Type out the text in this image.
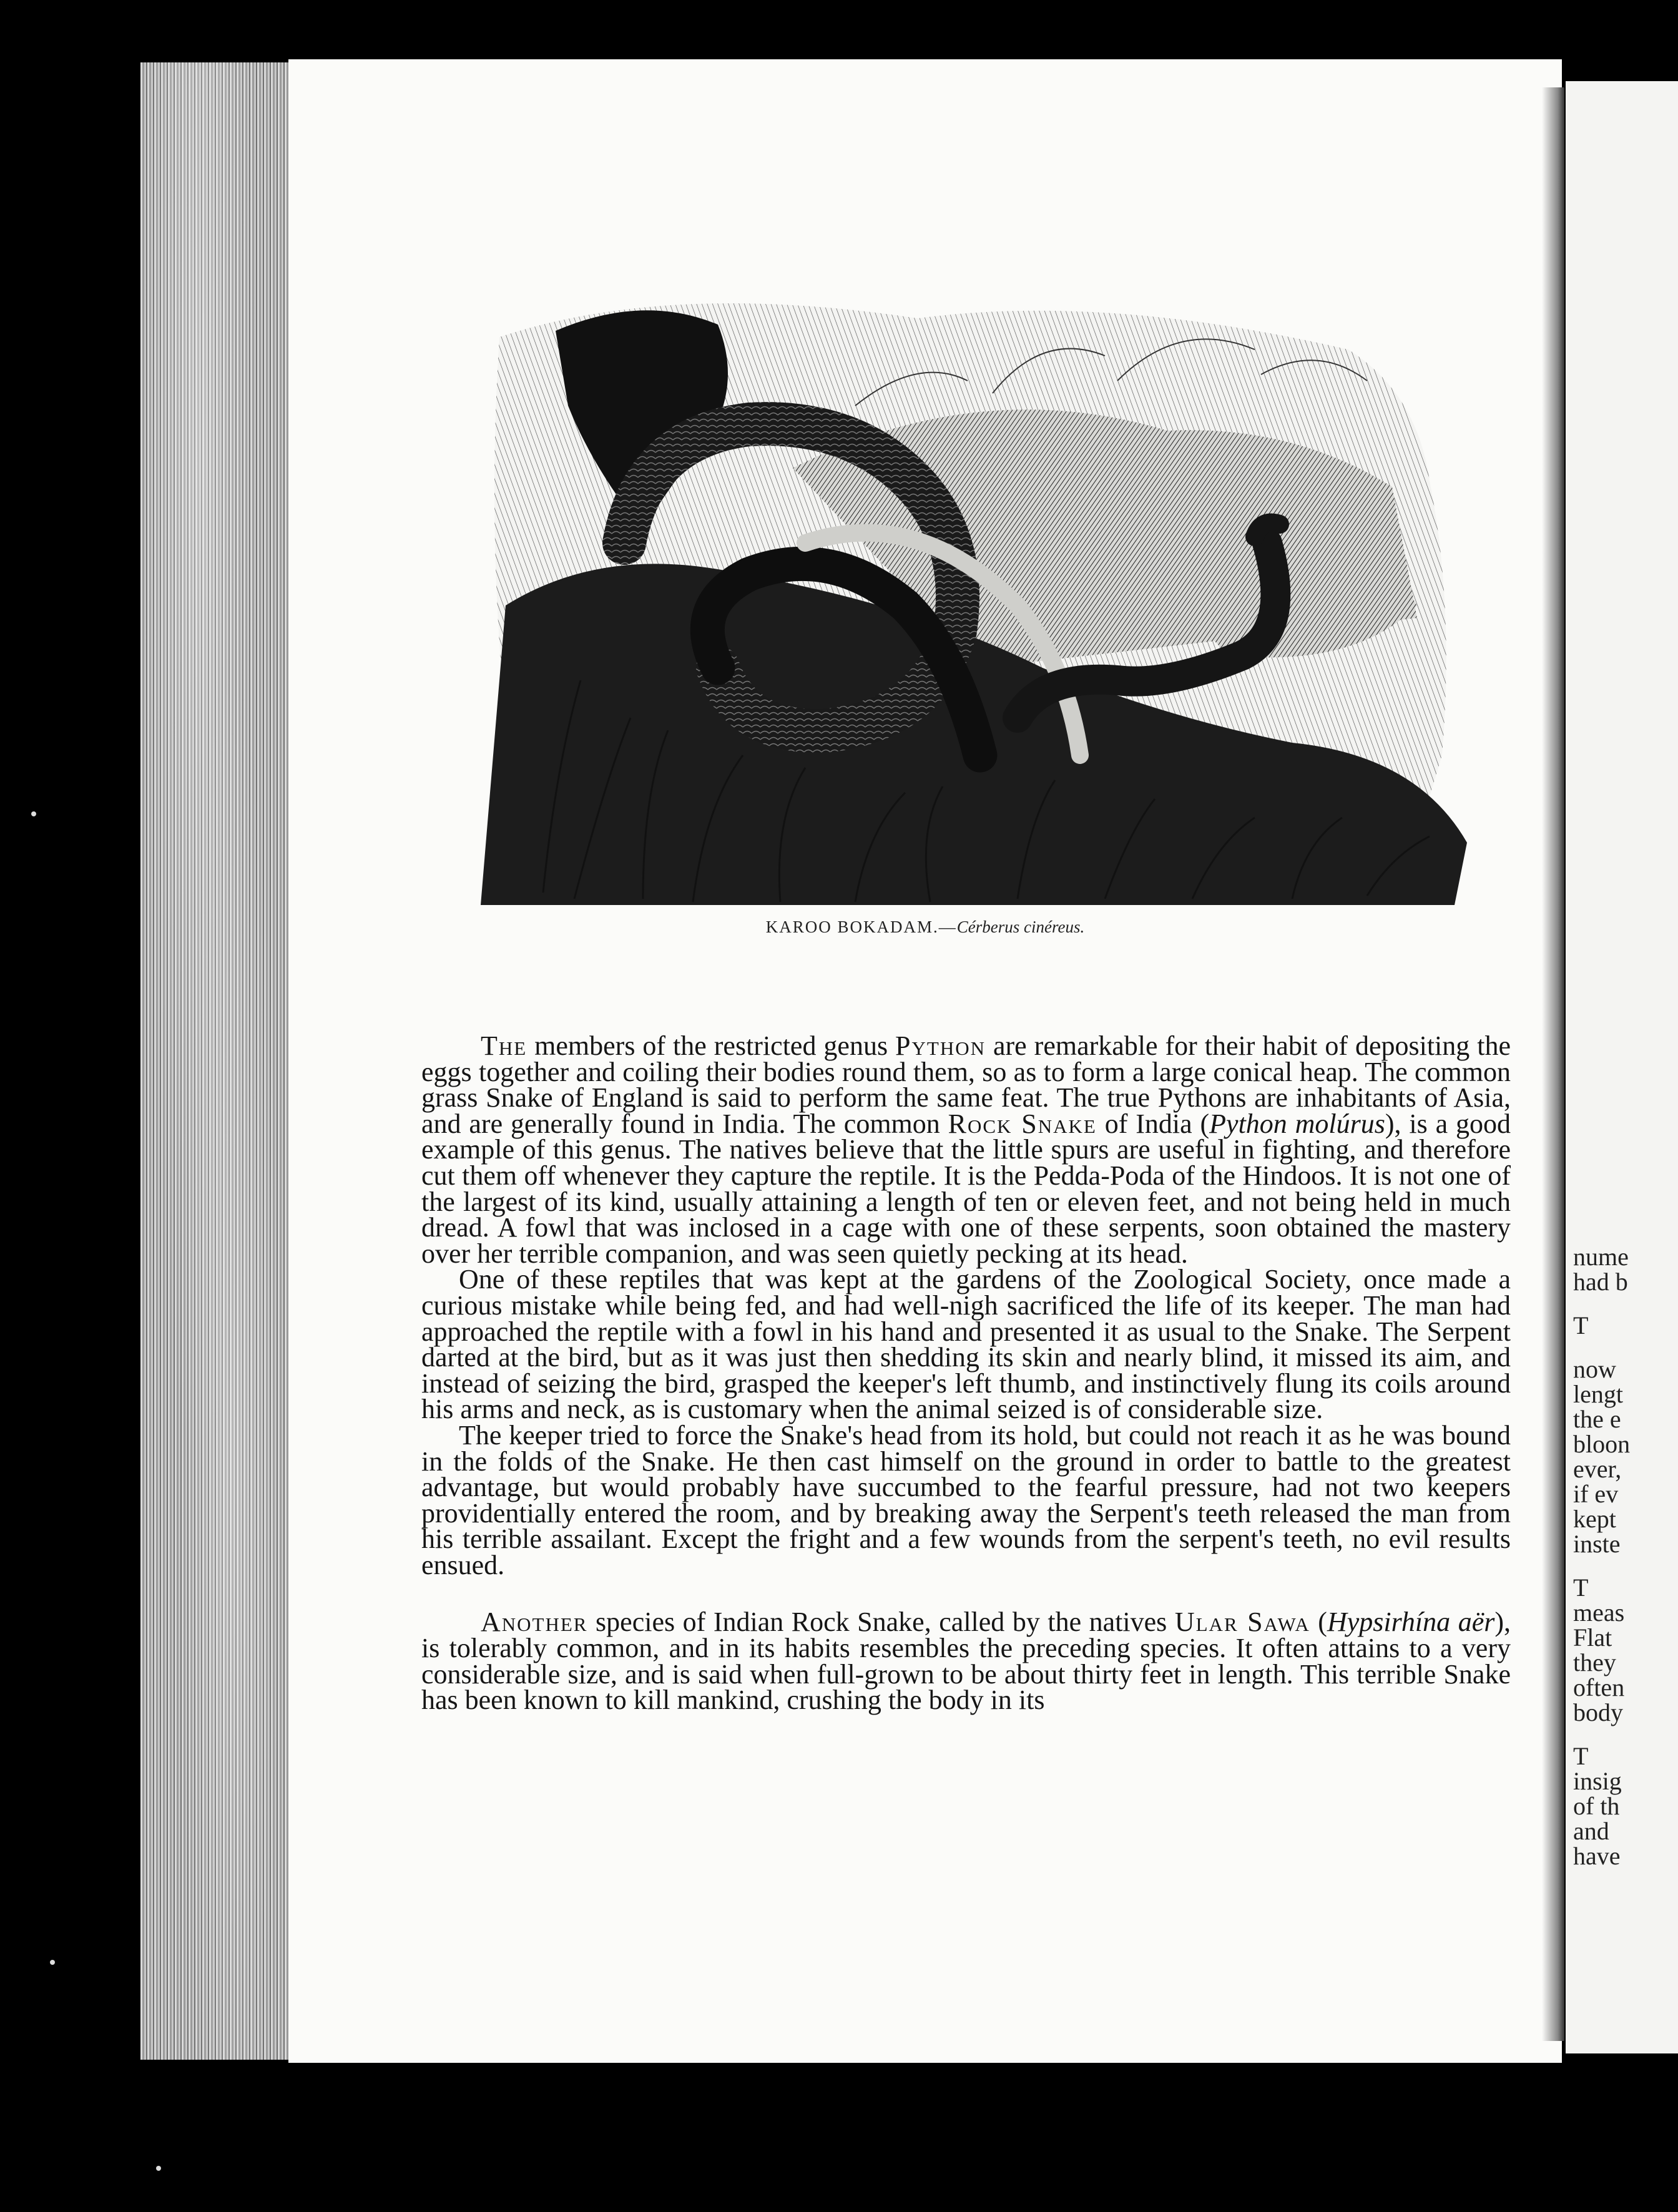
nume
had b
T
now
lengt
the e
bloon
ever,
if ev
kept
inste
T
meas
Flat
they
often
body
T
insig
of th
and
have
KAROO BOKADAM.—Cérberus cinéreus.

The members of the restricted genus Python are remarkable for their habit of depositing the eggs together and coiling their bodies round them, so as to form a large conical heap. The common grass Snake of England is said to perform the same feat. The true Pythons are inhabitants of Asia, and are generally found in India. The common Rock Snake of India (Python molúrus), is a good example of this genus. The natives believe that the little spurs are useful in fighting, and therefore cut them off whenever they capture the reptile. It is the Pedda-Poda of the Hindoos. It is not one of the largest of its kind, usually attaining a length of ten or eleven feet, and not being held in much dread. A fowl that was inclosed in a cage with one of these serpents, soon obtained the mastery over her terrible companion, and was seen quietly pecking at its head.

One of these reptiles that was kept at the gardens of the Zoological Society, once made a curious mistake while being fed, and had well-nigh sacrificed the life of its keeper. The man had approached the reptile with a fowl in his hand and presented it as usual to the Snake. The Serpent darted at the bird, but as it was just then shedding its skin and nearly blind, it missed its aim, and instead of seizing the bird, grasped the keeper's left thumb, and instinctively flung its coils around his arms and neck, as is customary when the animal seized is of considerable size.

The keeper tried to force the Snake's head from its hold, but could not reach it as he was bound in the folds of the Snake. He then cast himself on the ground in order to battle to the greatest advantage, but would probably have succumbed to the fearful pressure, had not two keepers providentially entered the room, and by breaking away the Serpent's teeth released the man from his terrible assailant. Except the fright and a few wounds from the serpent's teeth, no evil results ensued.

Another species of Indian Rock Snake, called by the natives Ular Sawa (Hypsirhína aër), is tolerably common, and in its habits resembles the preceding species. It often attains to a very considerable size, and is said when full-grown to be about thirty feet in length. This terrible Snake has been known to kill mankind, crushing the body in its
